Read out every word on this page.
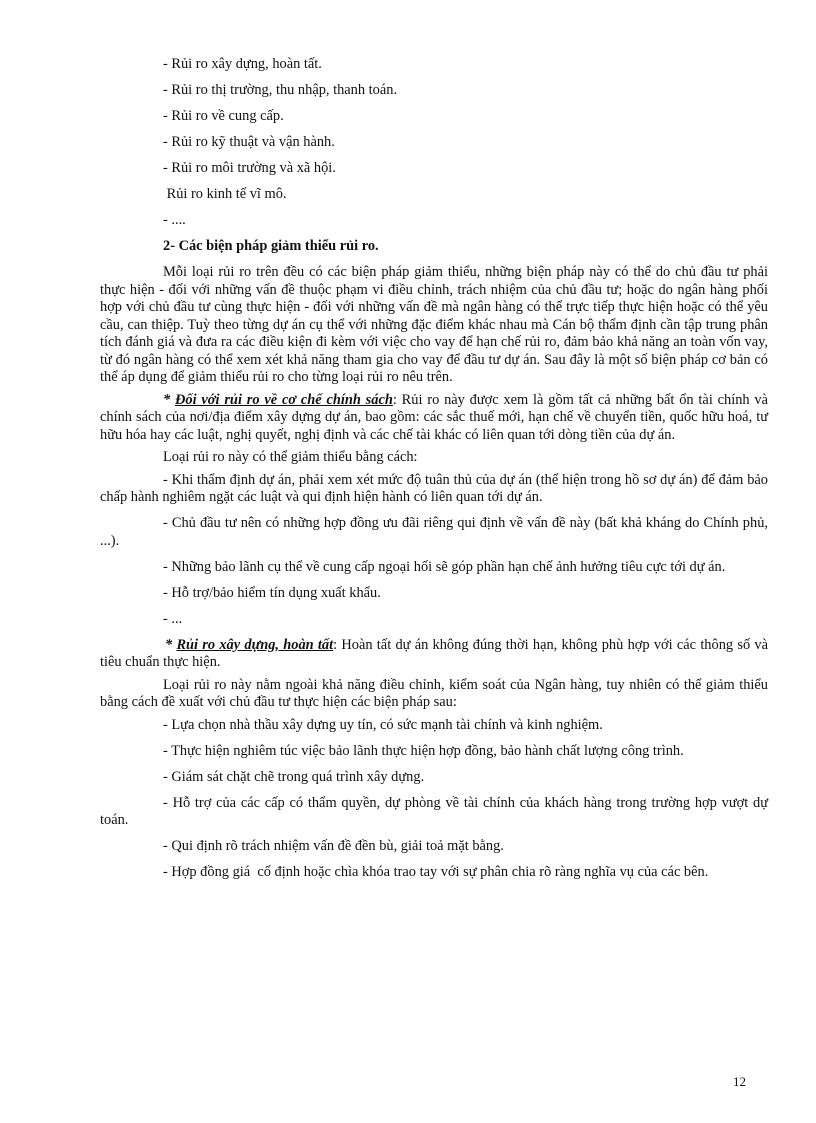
- Rủi ro xây dựng, hoàn tất.

- Rủi ro thị trường, thu nhập, thanh toán.

- Rủi ro về cung cấp.

- Rủi ro kỹ thuật và vận hành.

- Rủi ro môi trường và xã hội.

Rủi ro kinh tế vĩ mô.

- ....

2- Các biện pháp giảm thiểu rủi ro.

Mỗi loại rủi ro trên đều có các biện pháp giảm thiểu, những biện pháp này có thể do chủ đầu tư phải thực hiện - đối với những vấn đề thuộc phạm vi điều chỉnh, trách nhiệm của chủ đầu tư; hoặc do ngân hàng phối hợp với chủ đầu tư cùng thực hiện - đối với những vấn đề mà ngân hàng có thể trực tiếp thực hiện hoặc có thể yêu cầu, can thiệp. Tuỳ theo từng dự án cụ thể với những đặc điểm khác nhau mà Cán bộ thẩm định cần tập trung phân tích đánh giá và đưa ra các điều kiện đi kèm với việc cho vay để hạn chế rủi ro, đảm bảo khả năng an toàn vốn vay, từ đó ngân hàng có thể xem xét khả năng tham gia cho vay để đầu tư dự án. Sau đây là một số biện pháp cơ bản có thể áp dụng để giảm thiểu rủi ro cho từng loại rủi ro nêu trên.

* Đối với rủi ro về cơ chế chính sách: Rủi ro này được xem là gồm tất cả những bất ổn tài chính và chính sách của nơi/địa điểm xây dựng dự án, bao gồm: các sắc thuế mới, hạn chế về chuyển tiền, quốc hữu hoá, tư hữu hóa hay các luật, nghị quyết, nghị định và các chế tài khác có liên quan tới dòng tiền của dự án.

Loại rủi ro này có thể giảm thiểu bằng cách:

- Khi thẩm định dự án, phải xem xét mức độ tuân thủ của dự án (thể hiện trong hồ sơ dự án) để đảm bảo chấp hành nghiêm ngặt các luật và qui định hiện hành có liên quan tới dự án.

- Chủ đầu tư nên có những hợp đồng ưu đãi riêng qui định về vấn đề này (bất khả kháng do Chính phủ, ...).

- Những bảo lãnh cụ thể về cung cấp ngoại hối sẽ góp phần hạn chế ảnh hưởng tiêu cực tới dự án.

- Hỗ trợ/bảo hiểm tín dụng xuất khẩu.

- ...

* Rủi ro xây dựng, hoàn tất: Hoàn tất dự án không đúng thời hạn, không phù hợp với các thông số và tiêu chuẩn thực hiện.

Loại rủi ro này nằm ngoài khả năng điều chỉnh, kiểm soát của Ngân hàng, tuy nhiên có thể giảm thiểu bằng cách đề xuất với chủ đầu tư thực hiện các biện pháp sau:

- Lựa chọn nhà thầu xây dựng uy tín, có sức mạnh tài chính và kinh nghiệm.

- Thực hiện nghiêm túc việc bảo lãnh thực hiện hợp đồng, bảo hành chất lượng công trình.

- Giám sát chặt chẽ trong quá trình xây dựng.

- Hỗ trợ của các cấp có thẩm quyền, dự phòng về tài chính của khách hàng trong trường hợp vượt dự toán.

- Qui định rõ trách nhiệm vấn đề đền bù, giải toả mặt bằng.

- Hợp đồng giá  cố định hoặc chìa khóa trao tay với sự phân chia rõ ràng nghĩa vụ của các bên.

12
